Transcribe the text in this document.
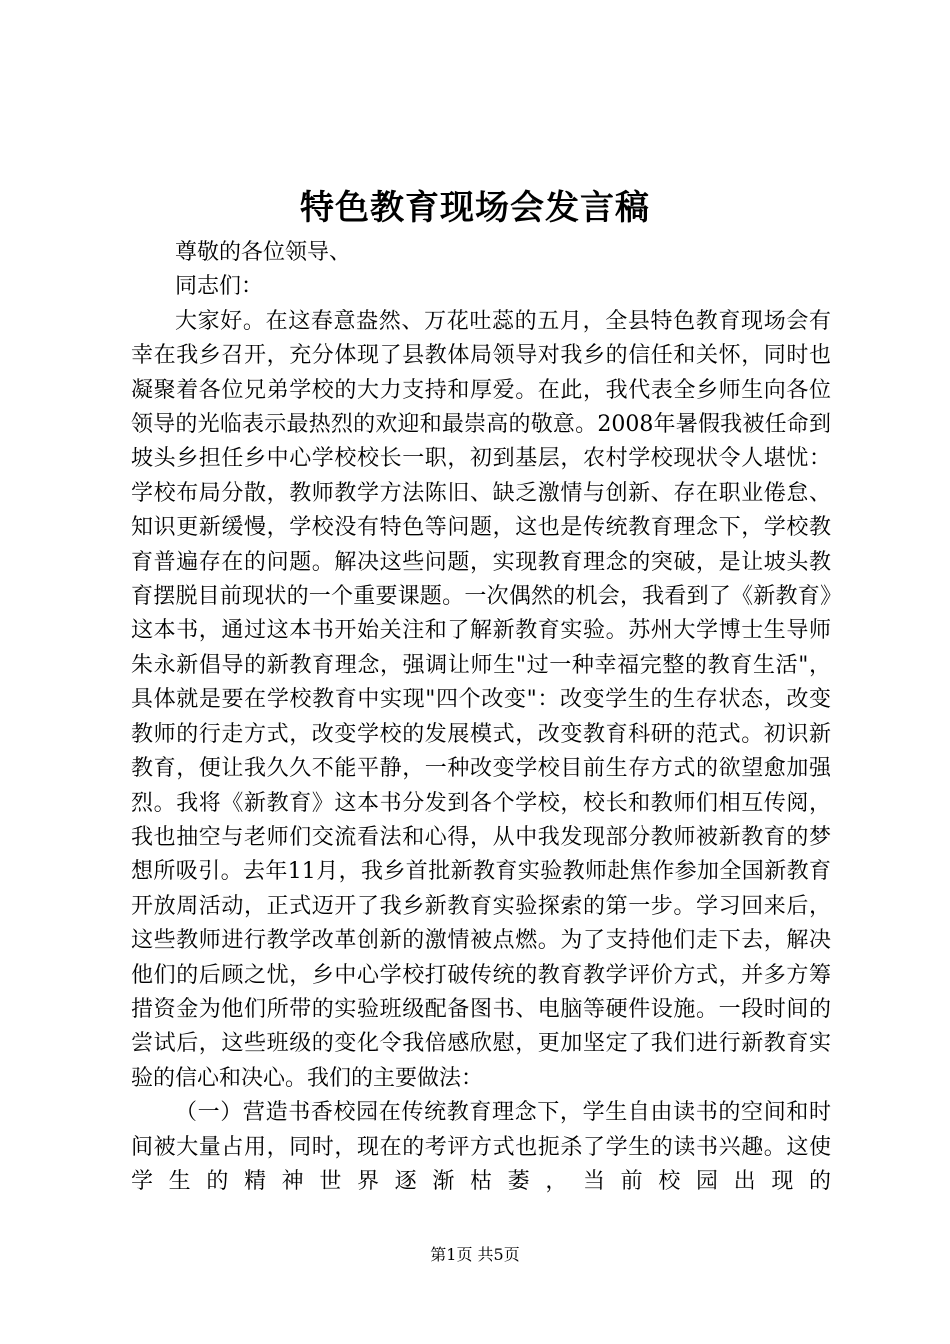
特色教育现场会发言稿

尊敬的各位领导、

同志们：

大家好。在这春意盎然、万花吐蕊的五月，全县特色教育现场会有幸在我乡召开，充分体现了县教体局领导对我乡的信任和关怀，同时也凝聚着各位兄弟学校的大力支持和厚爱。在此，我代表全乡师生向各位领导的光临表示最热烈的欢迎和最崇高的敬意。2008年暑假我被任命到坡头乡担任乡中心学校校长一职，初到基层，农村学校现状令人堪忧：学校布局分散，教师教学方法陈旧、缺乏激情与创新、存在职业倦怠、知识更新缓慢，学校没有特色等问题，这也是传统教育理念下，学校教育普遍存在的问题。解决这些问题，实现教育理念的突破，是让坡头教育摆脱目前现状的一个重要课题。一次偶然的机会，我看到了《新教育》这本书，通过这本书开始关注和了解新教育实验。苏州大学博士生导师朱永新倡导的新教育理念，强调让师生"过一种幸福完整的教育生活"，具体就是要在学校教育中实现"四个改变"：改变学生的生存状态，改变教师的行走方式，改变学校的发展模式，改变教育科研的范式。初识新教育，便让我久久不能平静，一种改变学校目前生存方式的欲望愈加强烈。我将《新教育》这本书分发到各个学校，校长和教师们相互传阅，我也抽空与老师们交流看法和心得，从中我发现部分教师被新教育的梦想所吸引。去年11月，我乡首批新教育实验教师赴焦作参加全国新教育开放周活动，正式迈开了我乡新教育实验探索的第一步。学习回来后，这些教师进行教学改革创新的激情被点燃。为了支持他们走下去，解决他们的后顾之忧，乡中心学校打破传统的教育教学评价方式，并多方筹措资金为他们所带的实验班级配备图书、电脑等硬件设施。一段时间的尝试后，这些班级的变化令我倍感欣慰，更加坚定了我们进行新教育实验的信心和决心。我们的主要做法：

（一）营造书香校园在传统教育理念下，学生自由读书的空间和时间被大量占用，同时，现在的考评方式也扼杀了学生的读书兴趣。这使学生的精神世界逐渐枯萎，当前校园出现的

第1页 共5页
